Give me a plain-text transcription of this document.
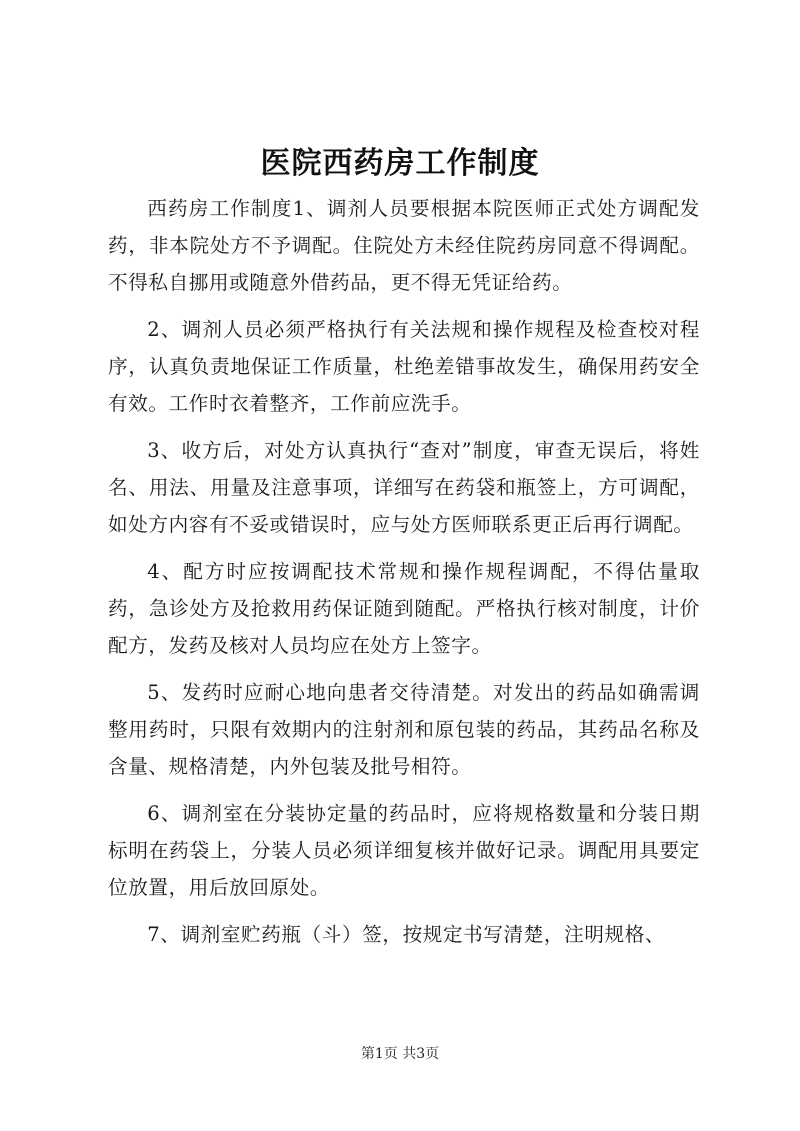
医院西药房工作制度

西药房工作制度1、调剂人员要根据本院医师正式处方调配发药，非本院处方不予调配。住院处方未经住院药房同意不得调配。不得私自挪用或随意外借药品，更不得无凭证给药。

2、调剂人员必须严格执行有关法规和操作规程及检查校对程序，认真负责地保证工作质量，杜绝差错事故发生，确保用药安全有效。工作时衣着整齐，工作前应洗手。

3、收方后，对处方认真执行“查对”制度，审查无误后，将姓名、用法、用量及注意事项，详细写在药袋和瓶签上，方可调配，如处方内容有不妥或错误时，应与处方医师联系更正后再行调配。

4、配方时应按调配技术常规和操作规程调配，不得估量取药，急诊处方及抢救用药保证随到随配。严格执行核对制度，计价配方，发药及核对人员均应在处方上签字。

5、发药时应耐心地向患者交待清楚。对发出的药品如确需调整用药时，只限有效期内的注射剂和原包装的药品，其药品名称及含量、规格清楚，内外包装及批号相符。

6、调剂室在分装协定量的药品时，应将规格数量和分装日期标明在药袋上，分装人员必须详细复核并做好记录。调配用具要定位放置，用后放回原处。

7、调剂室贮药瓶（斗）签，按规定书写清楚，注明规格、

第1页 共3页
